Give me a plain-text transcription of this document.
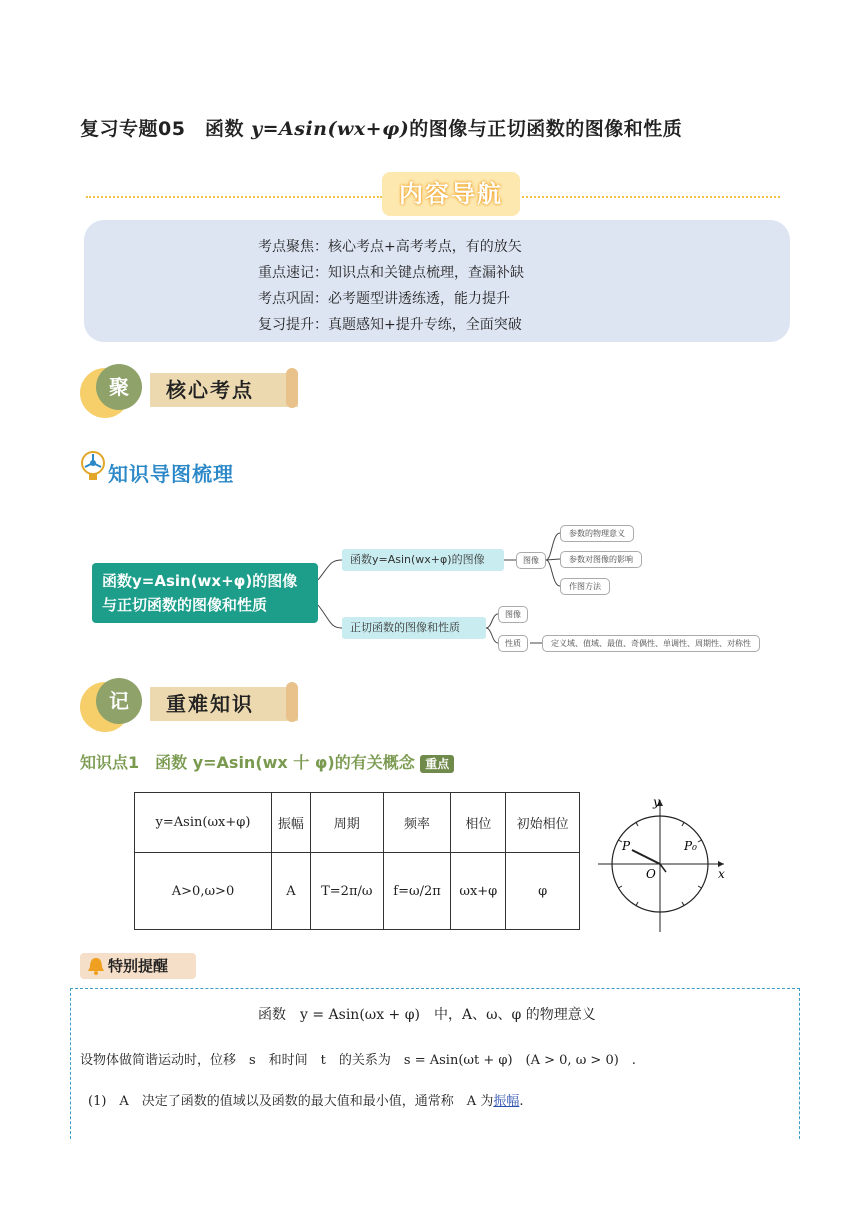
复习专题05　函数 y=Asin(wx+φ)的图像与正切函数的图像和性质
内容导航
考点聚焦：核心考点+高考考点，有的放矢
重点速记：知识点和关键点梳理，查漏补缺
考点巩固：必考题型讲透练透，能力提升
复习提升：真题感知+提升专练，全面突破
核心考点
聚
知识导图梳理
函数y=Asin(wx+φ)的图像与正切函数的图像和性质
函数y=Asin(wx+φ)的图像	图像
参数的物理意义
参数对图像的影响
作图方法
正切函数的图像和性质
图像
性质	定义域、值域、最值、奇偶性、单调性、周期性、对称性
重难知识
记
知识点1　函数 y=Asin(wx 十 φ)的有关概念 重点
y=Asin(ωx+φ)	振幅	周期	频率	相位	初始相位
A>0,ω>0	A	T=2π/ω	f=ω/2π	ωx+φ	φ
y
x
O
P	P₀
特别提醒
函数　y = Asin(ωx + φ)　中，A、ω、φ 的物理意义
设物体做简谐运动时，位移　s　和时间　t　的关系为　s = Asin(ωt + φ)　(A > 0, ω > 0)　.
(1)　A　决定了函数的值域以及函数的最大值和最小值，通常称　A 为振幅.
